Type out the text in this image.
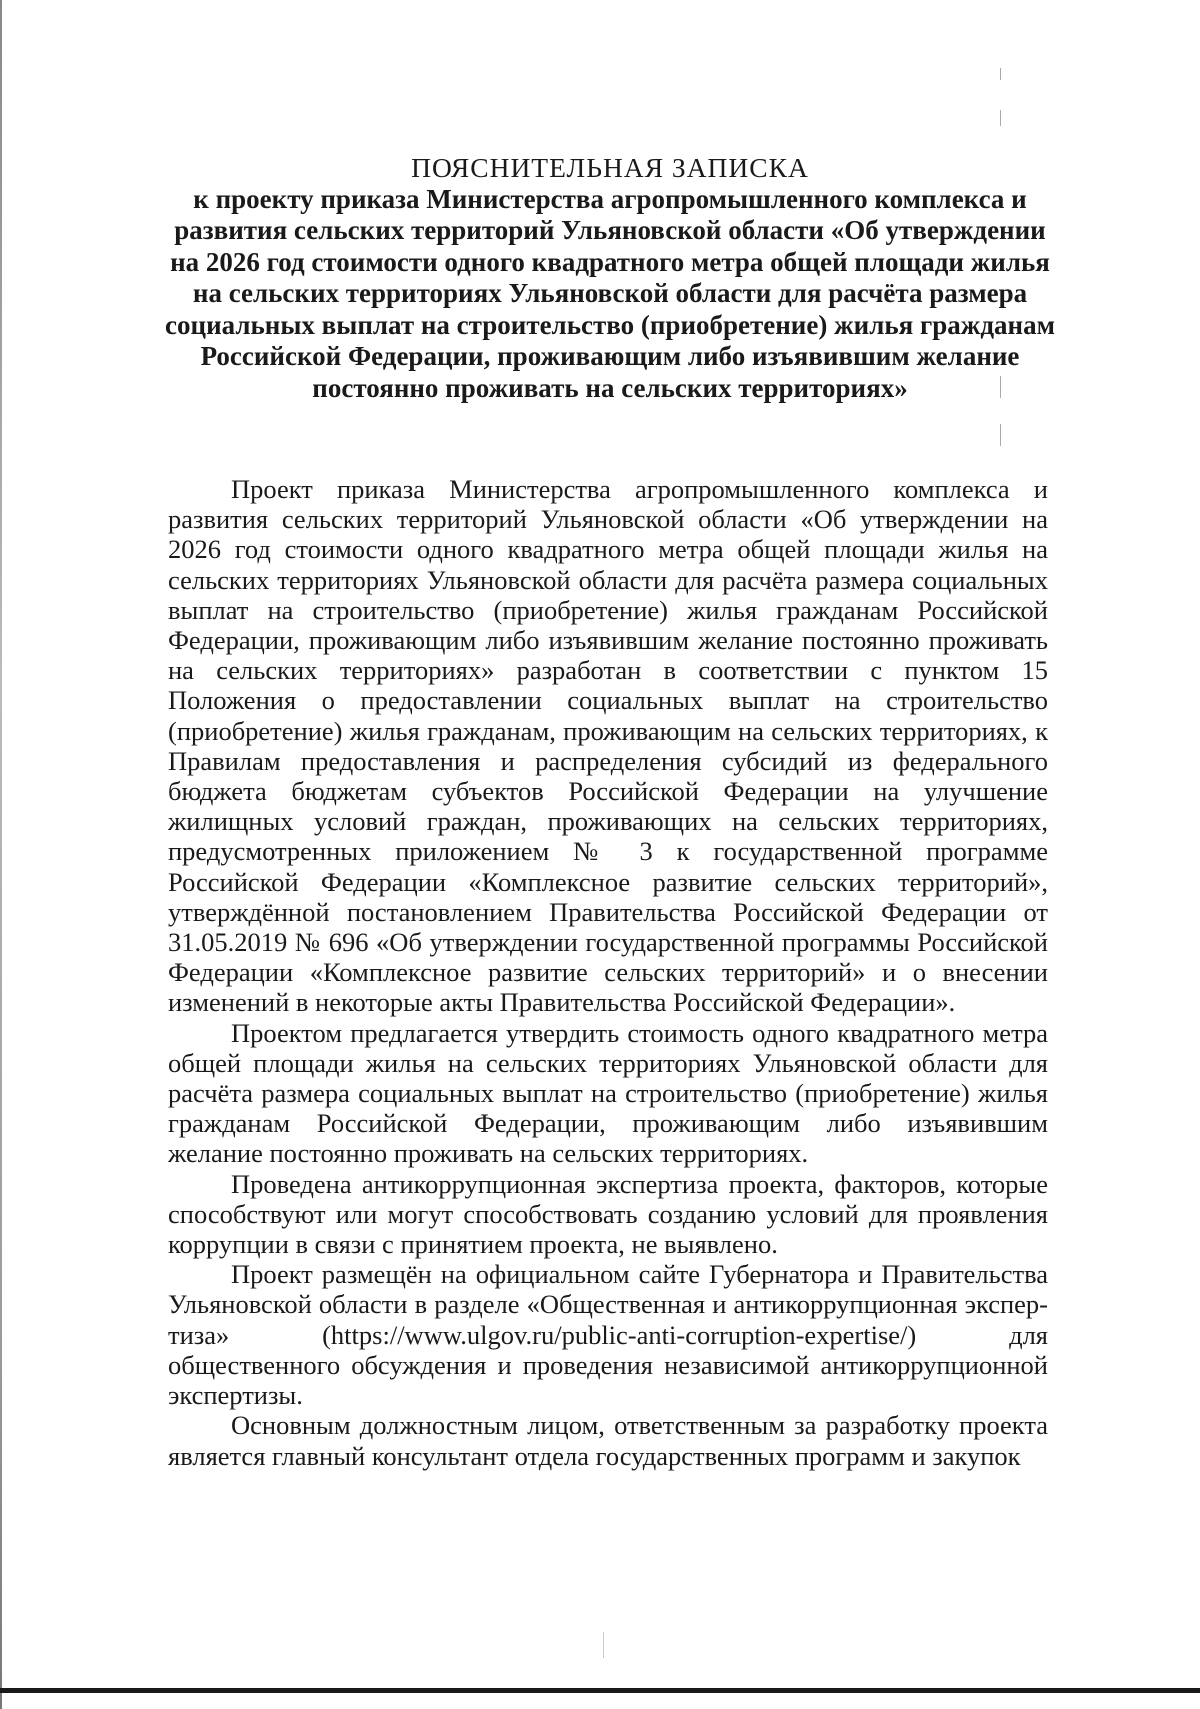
ПОЯСНИТЕЛЬНАЯ ЗАПИСКА
к проекту приказа Министерства агропромышленного комплекса и развития сельских территорий Ульяновской области «Об утверждении на 2026 год стоимости одного квадратного метра общей площади жилья на сельских территориях Ульяновской области для расчёта размера социальных выплат на строительство (приобретение) жилья гражданам Российской Федерации, проживающим либо изъявившим желание постоянно проживать на сельских территориях»

Проект приказа Министерства агропромышленного комплекса и развития сельских территорий Ульяновской области «Об утверждении на 2026 год стоимости одного квадратного метра общей площади жилья на сельских территориях Ульяновской области для расчёта размера социальных выплат на строительство (приобретение) жилья гражданам Российской Федерации, проживающим либо изъявившим желание постоянно проживать на сельских территориях» разработан в соответствии с пунктом 15 Положения о предоставлении социальных выплат на строительство (приобретение) жилья гражданам, проживающим на сельских территориях, к Правилам предоставления и распределения субсидий из федерального бюджета бюджетам субъектов Российской Федерации на улучшение жилищных условий граждан, проживающих на сельских территориях, предусмотренных приложением № 3 к государственной программе Российской Федерации «Комплексное развитие сельских территорий», утверждённой постановлением Правительства Российской Федерации от 31.05.2019 № 696 «Об утверждении государственной программы Российской Федерации «Комплексное развитие сельских территорий» и о внесении изменений в некоторые акты Правительства Российской Федерации».

Проектом предлагается утвердить стоимость одного квадратного метра общей площади жилья на сельских территориях Ульяновской области для расчёта размера социальных выплат на строительство (приобретение) жилья гражданам Российской Федерации, проживающим либо изъявившим желание постоянно проживать на сельских территориях.

Проведена антикоррупционная экспертиза проекта, факторов, которые способствуют или могут способствовать созданию условий для проявления коррупции в связи с принятием проекта, не выявлено.

Проект размещён на официальном сайте Губернатора и Правительства Ульяновской области в разделе «Общественная и антикоррупционная экспер-тиза» (https://www.ulgov.ru/public-anti-corruption-expertise/) для общественного обсуждения и проведения независимой антикоррупционной экспертизы.

Основным должностным лицом, ответственным за разработку проекта является главный консультант отдела государственных программ и закупок
